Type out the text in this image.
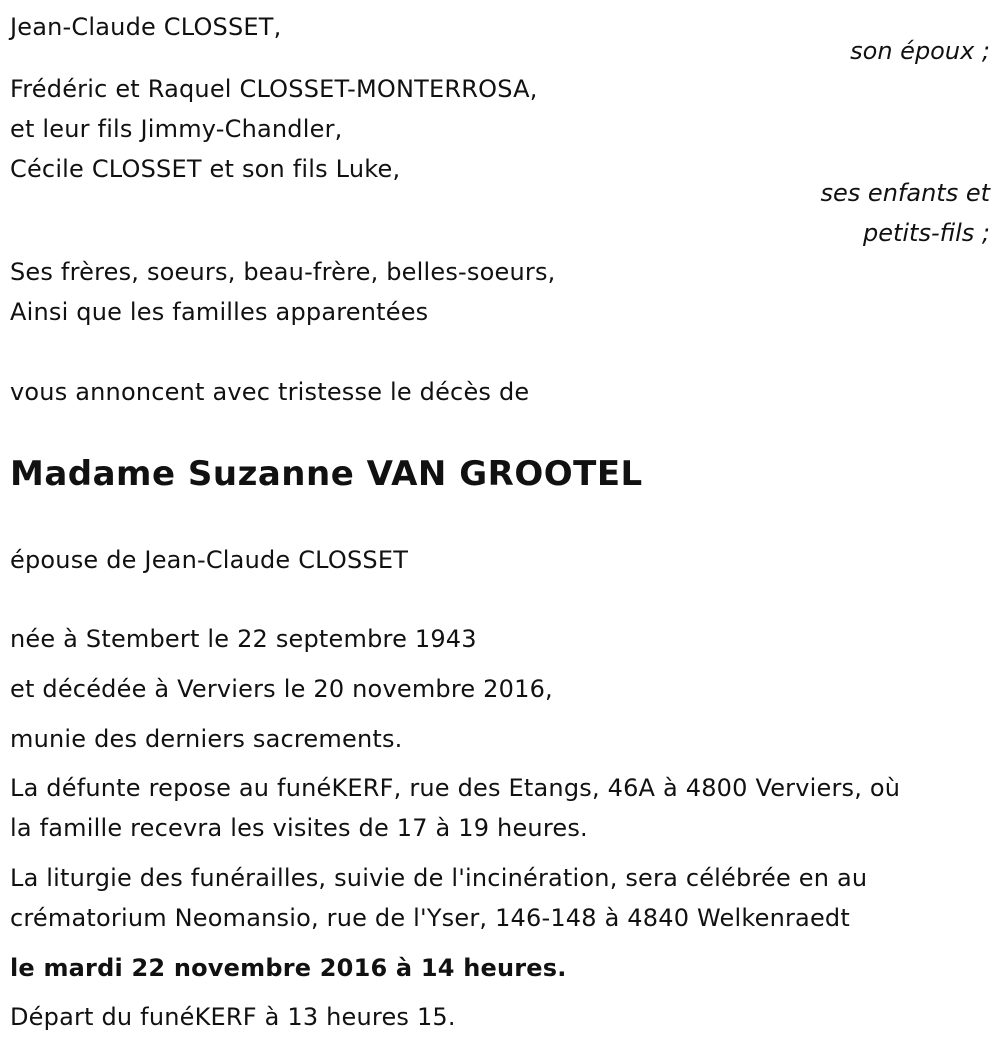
Jean-Claude CLOSSET,
son époux ;
Frédéric et Raquel CLOSSET-MONTERROSA,
et leur fils Jimmy-Chandler,
Cécile CLOSSET et son fils Luke,
ses enfants et
petits-fils ;
Ses frères, soeurs, beau-frère, belles-soeurs,
Ainsi que les familles apparentées
vous annoncent avec tristesse le décès de
Madame Suzanne VAN GROOTEL
épouse de Jean-Claude CLOSSET
née à Stembert le 22 septembre 1943
et décédée à Verviers le 20 novembre 2016,
munie des derniers sacrements.
La défunte repose au funéKERF, rue des Etangs, 46A à 4800 Verviers, où
la famille recevra les visites de 17 à 19 heures.
La liturgie des funérailles, suivie de l'incinération, sera célébrée en au
crématorium Neomansio, rue de l'Yser, 146-148 à 4840 Welkenraedt
le mardi 22 novembre 2016 à 14 heures.
Départ du funéKERF à 13 heures 15.
